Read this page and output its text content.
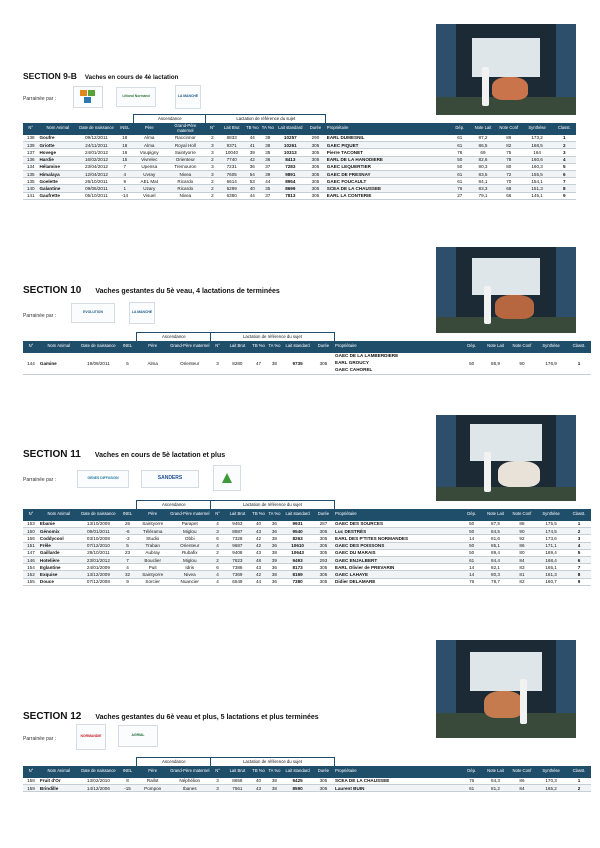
SECTION 9-B Vaches en cours de 4è lactation
Parrainée par :	Littoral Normand	LA MANCHE
				Ascendance		Lactation de référence du sujet											
N°	Nom Animal	Date de naissance	INEL	Père	Grand-Père maternel	N°	Lait Brut	TB %o	TA %o	Lait standard	Durée	Propriétaire	Dép.	Note Lait	Note Conf	Synthèse	Classt.
138	Goufre	09/12/2011	18	Alma	Raccinnor	2	8833	44	39	10257	290	EARL DUMESNIL	61	87,2	86	173,2	1
139	Griotte	24/11/2011	18	Alma	Royal Holl	3	9371	41	38	10261	305	GAEC PIQUET	61	86,5	82	168,5	2
137	Hovege	24/01/2012	16	Voupigny	Saintyorre	3	10040	39	35	10313	305	Pierre TACONET	76	69	75	164	3
136	Hardie	16/02/2012	15	Vivrelec	Orienteur	2	7740	42	36	8413	305	EARL DE LA HANODIERE	50	82,6	78	160,6	4
134	Hélamine	23/04/2012	7	Upensa	Tremouron	3	7231	36	37	7283	305	GAEC LEQUERTIER	50	80,3	80	160,3	5
135	Himalaya	12/04/2012	4	Uvray	Nivea	3	7605	54	39	9891	305	GAEC DE FRESNAY	61	83,5	72	155,5	6
135	Goelette	26/10/2011	9	AEL Mat	Ricardo	2	6614	53	44	8954	305	GAEC FOUCAULT	61	84,1	70	154,1	7
140	Galantine	09/06/2011	1	Uzary	Ricardo	2	6299	40	35	8699	305	SCEA DE LA CHAUSSEE	76	83,3	68	151,3	8
141	Gaufrette	05/10/2011	-14	Visuel	Nivea	2	6380	44	37	7813	305	EARL LA CONTERIE	27	79,1	66	145,1	9
SECTION 10 Vaches gestantes du 5è veau, 4 lactations de terminées
Parrainée par :
EVOLUTION	LA MANCHE
				Ascendance		Lactation de référence du sujet											
N°	Nom Animal	Date de naissance	INEL	Père	Grand-Père maternel	N°	Lait Brut	TB %o	TA %o	Lait standard	Durée	Propriétaire	Dép.	Note Lait	Note Conf	Synthèse	Classt.
144	Gamine	19/09/2011	5	Alma	Orienteur	3	8280	47	38	9735	305	GAEC DE LA LAMBERDIERE
EARL GROUCY
GAEC CAHOREL	50	86,9	90	176,9	1
SECTION 11 Vaches en cours de 5è lactation et plus
Parrainée par :	GENES DIFFUSION	SANDERS
				Ascendance		Lactation de référence du sujet											
N°	Nom Animal	Date de naissance	INEL	Père	Grand-Père maternel	N°	Lait Brut	TB %o	TA %o	Lait standard	Durée	Propriétaire	Dép.	Note Lait	Note Conf	Synthèse	Classt.
153	Ebanie	13/10/2009	26	Saintyorre	Parapet	4	9463	40	36	9931	287	GAEC DES SOURCES	50	87,5	88	175,5	1
150	Génomix	09/01/2011	-6	Télérama	Miglou	3	8587	43	36	9540	305	Luc DESTRÉS	50	84,5	90	174,5	2
156	Coddycool	03/10/2008	-3	Studio	Obbi	6	7328	42	38	8263	305	EARL DES P'TITES NORMANDES	14	81,6	92	173,6	3
151	Frêle	07/12/2010	5	Traban	Orienteur	4	9687	42	36	10610	305	GAEC DES POISSONS	50	85,1	86	171,1	4
147	Gaillarde	28/10/2011	23	Aubray	Rubafix	2	9408	43	38	10643	305	GAEC DU MARAIS	50	89,4	80	169,4	5
146	Hotelière	23/01/2012	7	Bouclier	Miglou	2	7823	48	39	9493	293	GAEC ENJALBERT	61	84,4	84	168,4	6
154	Eglantine	24/01/2009	4	Puit	Idris	6	7386	43	36	8173	305	EARL Olivier de PREVARIN	14	82,1	83	165,1	7
152	Exquise	13/12/2009	32	Saintyorre	Nivea	4	7369	42	38	8169	305	GAEC LAHAYE	14	80,3	81	161,3	8
155	Douce	07/12/2008	9	Sorcier	Nuancier	4	6549	44	36	7380	305	Didier DELAMARE	76	78,7	82	160,7	9
SECTION 12 Vaches gestantes du 6è veau et plus, 5 lactations et plus terminées
Parrainée par :	NORMANDIE	AGRIAL
				Ascendance		Lactation de référence du sujet											
N°	Nom Animal	Date de naissance	INEL	Père	Grand-Père maternel	N°	Lait Brut	TB %o	TA %o	Lait standard	Durée	Propriétaire	Dép.	Note Lait	Note Conf	Synthèse	Classt.
158	Fruit d'Or	13/02/2010	8	Rallot	Néphélion	3	8658	40	38	9425	305	SCEA DE LA CHAUSSEE	76	84,3	86	170,3	1
159	Brindille	14/12/2006	-15	Pompon	Ibanes	3	7561	43	38	8590	305	Laurent BUIN	61	81,2	84	165,2	2
